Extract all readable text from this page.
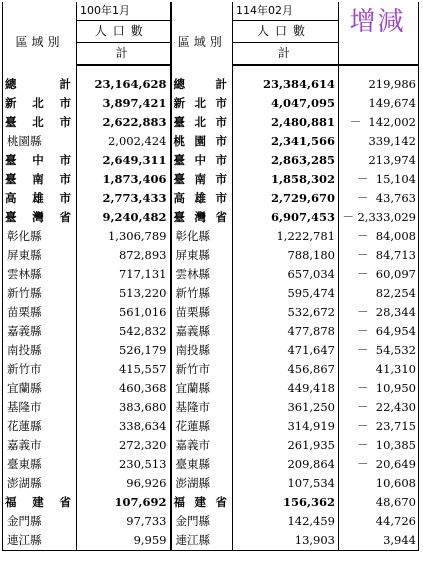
	100年1月		114年02月	增減
區域別	人口數	區域別	人口數	
	計		計	

總　計	23,164,628	總　計	23,384,614	219,986
新北市	3,897,421	新北市	4,047,095	149,674
臺北市	2,622,883	臺北市	2,480,881	－  142,002
桃園縣	2,002,424	桃園市	2,341,566	339,142
臺中市	2,649,311	臺中市	2,863,285	213,974
臺南市	1,873,406	臺南市	1,858,302	－  15,104
高雄市	2,773,433	高雄市	2,729,670	－  43,763
臺灣省	9,240,482	臺灣省	6,907,453	－ 2,333,029
彰化縣	1,306,789	彰化縣	1,222,781	－  84,008
屏東縣	872,893	屏東縣	788,180	－  84,713
雲林縣	717,131	雲林縣	657,034	－  60,097
新竹縣	513,220	新竹縣	595,474	82,254
苗栗縣	561,016	苗栗縣	532,672	－  28,344
嘉義縣	542,832	嘉義縣	477,878	－  64,954
南投縣	526,179	南投縣	471,647	－  54,532
新竹市	415,557	新竹市	456,867	41,310
宜蘭縣	460,368	宜蘭縣	449,418	－  10,950
基隆市	383,680	基隆市	361,250	－  22,430
花蓮縣	338,634	花蓮縣	314,919	－  23,715
嘉義市	272,320	嘉義市	261,935	－  10,385
臺東縣	230,513	臺東縣	209,864	－  20,649
澎湖縣	96,926	澎湖縣	107,534	10,608
福建省	107,692	福建省	156,362	48,670
金門縣	97,733	金門縣	142,459	44,726
連江縣	9,959	連江縣	13,903	3,944
